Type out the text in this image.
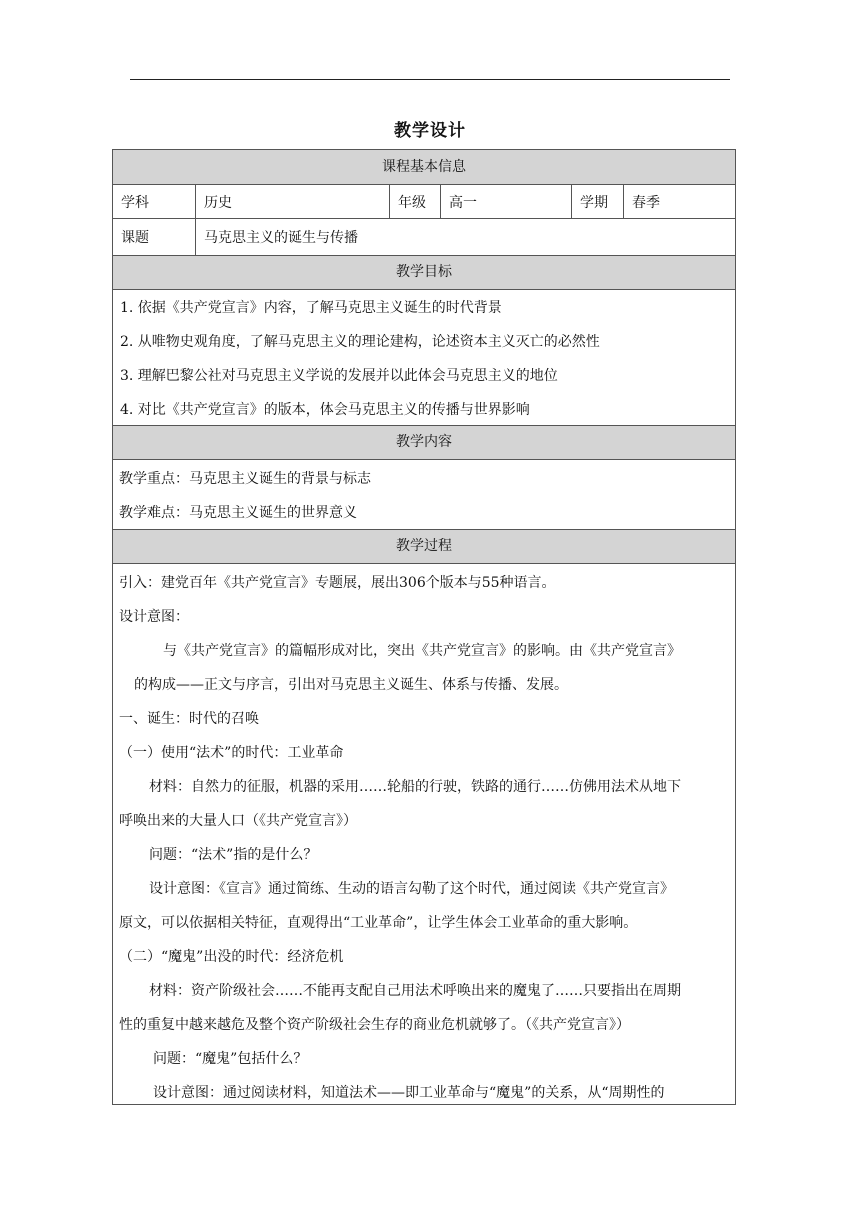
教学设计
课程基本信息
学科	历史	年级	高一	学期	春季
课题	马克思主义的诞生与传播
教学目标
1. 依据《共产党宣言》内容，了解马克思主义诞生的时代背景
2. 从唯物史观角度，了解马克思主义的理论建构，论述资本主义灭亡的必然性
3. 理解巴黎公社对马克思主义学说的发展并以此体会马克思主义的地位
4. 对比《共产党宣言》的版本，体会马克思主义的传播与世界影响
教学内容
教学重点：马克思主义诞生的背景与标志
教学难点：马克思主义诞生的世界意义
教学过程
引入：建党百年《共产党宣言》专题展，展出306个版本与55种语言。
设计意图：
与《共产党宣言》的篇幅形成对比，突出《共产党宣言》的影响。由《共产党宣言》
的构成——正文与序言，引出对马克思主义诞生、体系与传播、发展。
一、诞生：时代的召唤
（一）使用“法术”的时代：工业革命
材料：自然力的征服，机器的采用……轮船的行驶，铁路的通行……仿佛用法术从地下
呼唤出来的大量人口（《共产党宣言》）
问题：“法术”指的是什么？
设计意图：《宣言》通过简练、生动的语言勾勒了这个时代，通过阅读《共产党宣言》
原文，可以依据相关特征，直观得出“工业革命”，让学生体会工业革命的重大影响。
（二）“魔鬼”出没的时代：经济危机
材料：资产阶级社会……不能再支配自己用法术呼唤出来的魔鬼了……只要指出在周期
性的重复中越来越危及整个资产阶级社会生存的商业危机就够了。（《共产党宣言》）
问题：“魔鬼”包括什么？
设计意图：通过阅读材料，知道法术——即工业革命与“魔鬼”的关系，从“周期性的
